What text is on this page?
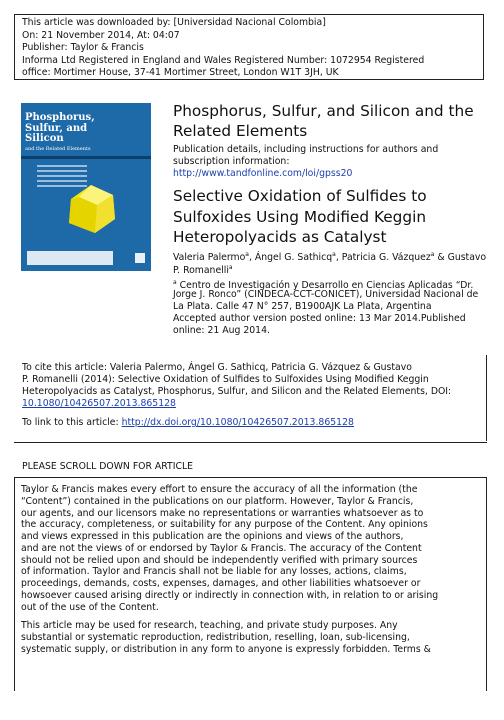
This article was downloaded by: [Universidad Nacional Colombia]
On: 21 November 2014, At: 04:07
Publisher: Taylor & Francis
Informa Ltd Registered in England and Wales Registered Number: 1072954 Registered
office: Mortimer House, 37-41 Mortimer Street, London W1T 3JH, UK
Phosphorus,
Sulfur, and
Silicon
and the Related Elements
Phosphorus, Sulfur, and Silicon and the
Related Elements
Publication details, including instructions for authors and
subscription information:
http://www.tandfonline.com/loi/gpss20
Selective Oxidation of Sulfides to
Sulfoxides Using Modified Keggin
Heteropolyacids as Catalyst
Valeria Palermo$^a$, Ángel G. Sathicq$^a$, Patricia G. Vázquez$^a$ & Gustavo
P. Romanelli$^a$
$^a$ Centro de Investigación y Desarrollo en Ciencias Aplicadas “Dr.
Jorge J. Ronco” (CINDECA-CCT-CONICET), Universidad Nacional de
La Plata. Calle 47 N° 257, B1900AJK La Plata, Argentina
Accepted author version posted online: 13 Mar 2014.Published
online: 21 Aug 2014.
To cite this article: Valeria Palermo, Ángel G. Sathicq, Patricia G. Vázquez & Gustavo
P. Romanelli (2014): Selective Oxidation of Sulfides to Sulfoxides Using Modified Keggin
Heteropolyacids as Catalyst, Phosphorus, Sulfur, and Silicon and the Related Elements, DOI:
10.1080/10426507.2013.865128
To link to this article: http://dx.doi.org/10.1080/10426507.2013.865128
PLEASE SCROLL DOWN FOR ARTICLE
Taylor & Francis makes every effort to ensure the accuracy of all the information (the
“Content”) contained in the publications on our platform. However, Taylor & Francis,
our agents, and our licensors make no representations or warranties whatsoever as to
the accuracy, completeness, or suitability for any purpose of the Content. Any opinions
and views expressed in this publication are the opinions and views of the authors,
and are not the views of or endorsed by Taylor & Francis. The accuracy of the Content
should not be relied upon and should be independently verified with primary sources
of information. Taylor and Francis shall not be liable for any losses, actions, claims,
proceedings, demands, costs, expenses, damages, and other liabilities whatsoever or
howsoever caused arising directly or indirectly in connection with, in relation to or arising
out of the use of the Content.
This article may be used for research, teaching, and private study purposes. Any
substantial or systematic reproduction, redistribution, reselling, loan, sub-licensing,
systematic supply, or distribution in any form to anyone is expressly forbidden. Terms &
